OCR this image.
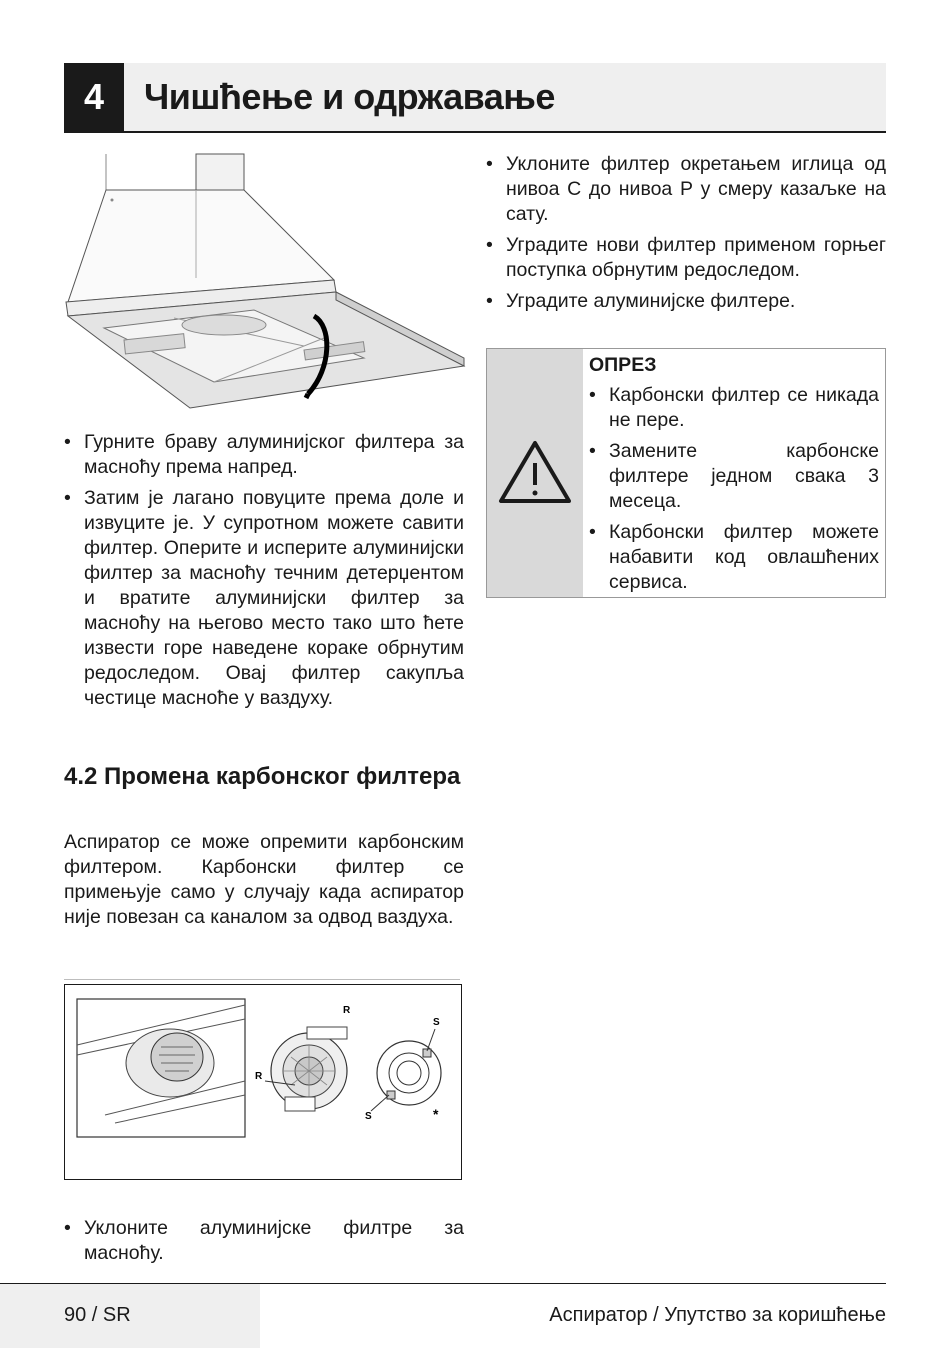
4	Чишћење и одржавање
• Гурните браву алуминијског филтера за масноћу према напред.
• Затим је лагано повуците према доле и извуците је. У супротном можете савити филтер. Оперите и исперите алуминијски филтер за масноћу течним детерџентом и вратите алуминијски филтер за масноћу на његово место тако што ћете извести горе наведене кораке обрнутим редоследом. Овај филтер сакупља честице масноће у ваздуху.
4.2 Промена карбонског филтера

Аспиратор се може опремити карбонским филтером. Карбонски филтер се примењује само у случају када аспиратор није повезан са каналом за одвод ваздуха.

R
R
S
S	*
• Уклоните алуминијске филтре за масноћу.
• Уклоните филтер окретањем иглица од нивоа С до нивоа Р у смеру казаљке на сату.
• Уградите нови филтер применом горњег поступка обрнутим редоследом.
• Уградите алуминијске филтере.

ОПРЕЗ

• Карбонски филтер се никада не пере.
• Замените карбонске филтере једном свака 3 месеца.
• Карбонски филтер можете набавити код овлашћених сервиса.
90 / SR	Аспиратор / Упутство за коришћење
